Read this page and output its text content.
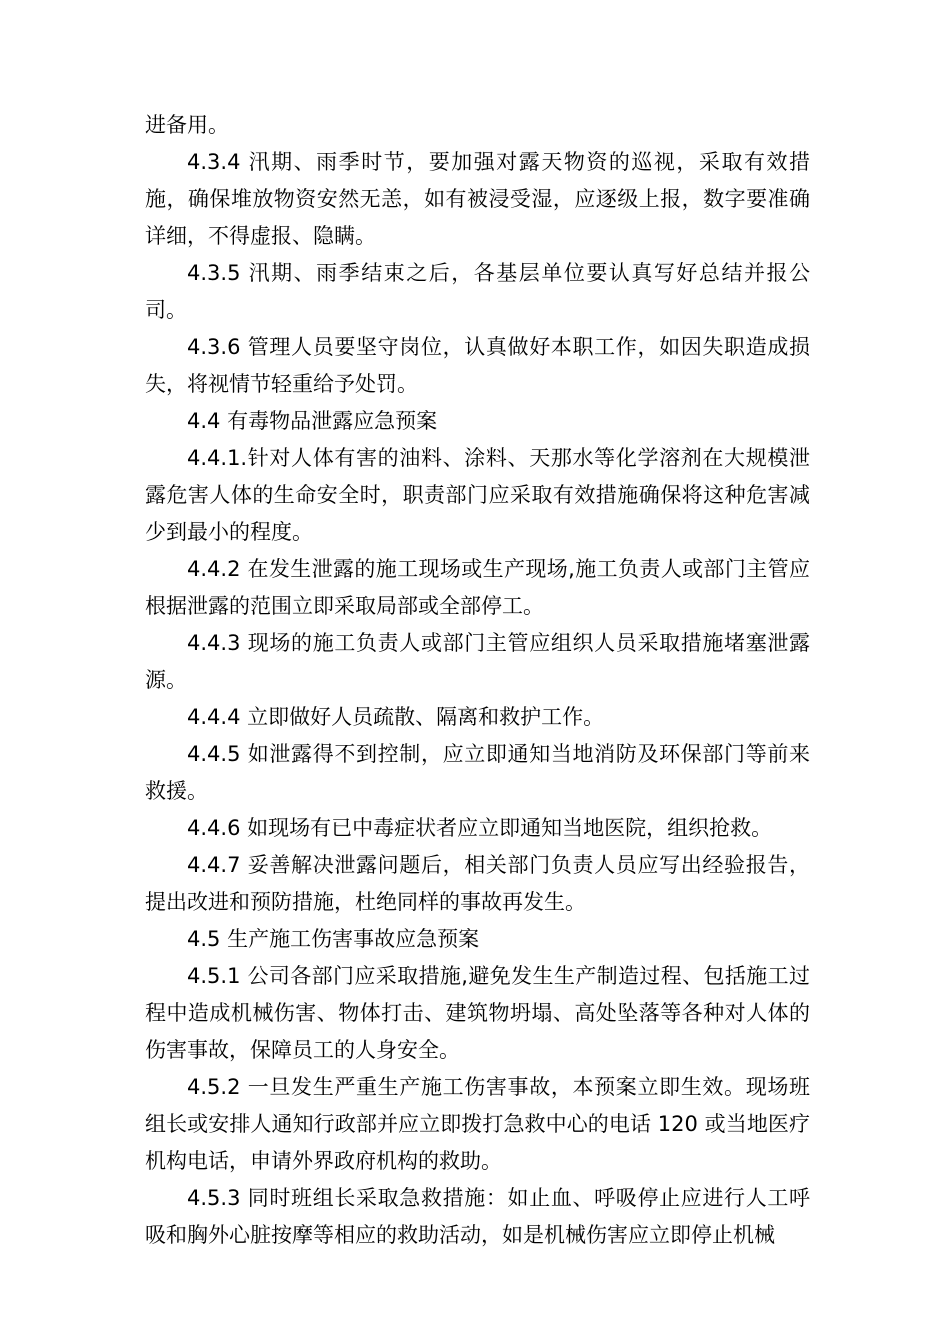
进备用。

4.3.4 汛期、雨季时节，要加强对露天物资的巡视，采取有效措施，确保堆放物资安然无恙，如有被浸受湿，应逐级上报，数字要准确详细，不得虚报、隐瞒。

4.3.5 汛期、雨季结束之后，各基层单位要认真写好总结并报公司。

4.3.6 管理人员要坚守岗位，认真做好本职工作，如因失职造成损失，将视情节轻重给予处罚。

4.4 有毒物品泄露应急预案

4.4.1.针对人体有害的油料、涂料、天那水等化学溶剂在大规模泄露危害人体的生命安全时，职责部门应采取有效措施确保将这种危害减少到最小的程度。

4.4.2 在发生泄露的施工现场或生产现场,施工负责人或部门主管应根据泄露的范围立即采取局部或全部停工。

4.4.3 现场的施工负责人或部门主管应组织人员采取措施堵塞泄露源。

4.4.4 立即做好人员疏散、隔离和救护工作。

4.4.5 如泄露得不到控制，应立即通知当地消防及环保部门等前来救援。

4.4.6 如现场有已中毒症状者应立即通知当地医院，组织抢救。

4.4.7 妥善解决泄露问题后，相关部门负责人员应写出经验报告，提出改进和预防措施，杜绝同样的事故再发生。

4.5 生产施工伤害事故应急预案

4.5.1 公司各部门应采取措施,避免发生生产制造过程、包括施工过程中造成机械伤害、物体打击、建筑物坍塌、高处坠落等各种对人体的伤害事故，保障员工的人身安全。

4.5.2 一旦发生严重生产施工伤害事故，本预案立即生效。现场班组长或安排人通知行政部并应立即拨打急救中心的电话 120 或当地医疗机构电话，申请外界政府机构的救助。

4.5.3 同时班组长采取急救措施：如止血、呼吸停止应进行人工呼吸和胸外心脏按摩等相应的救助活动，如是机械伤害应立即停止机械
